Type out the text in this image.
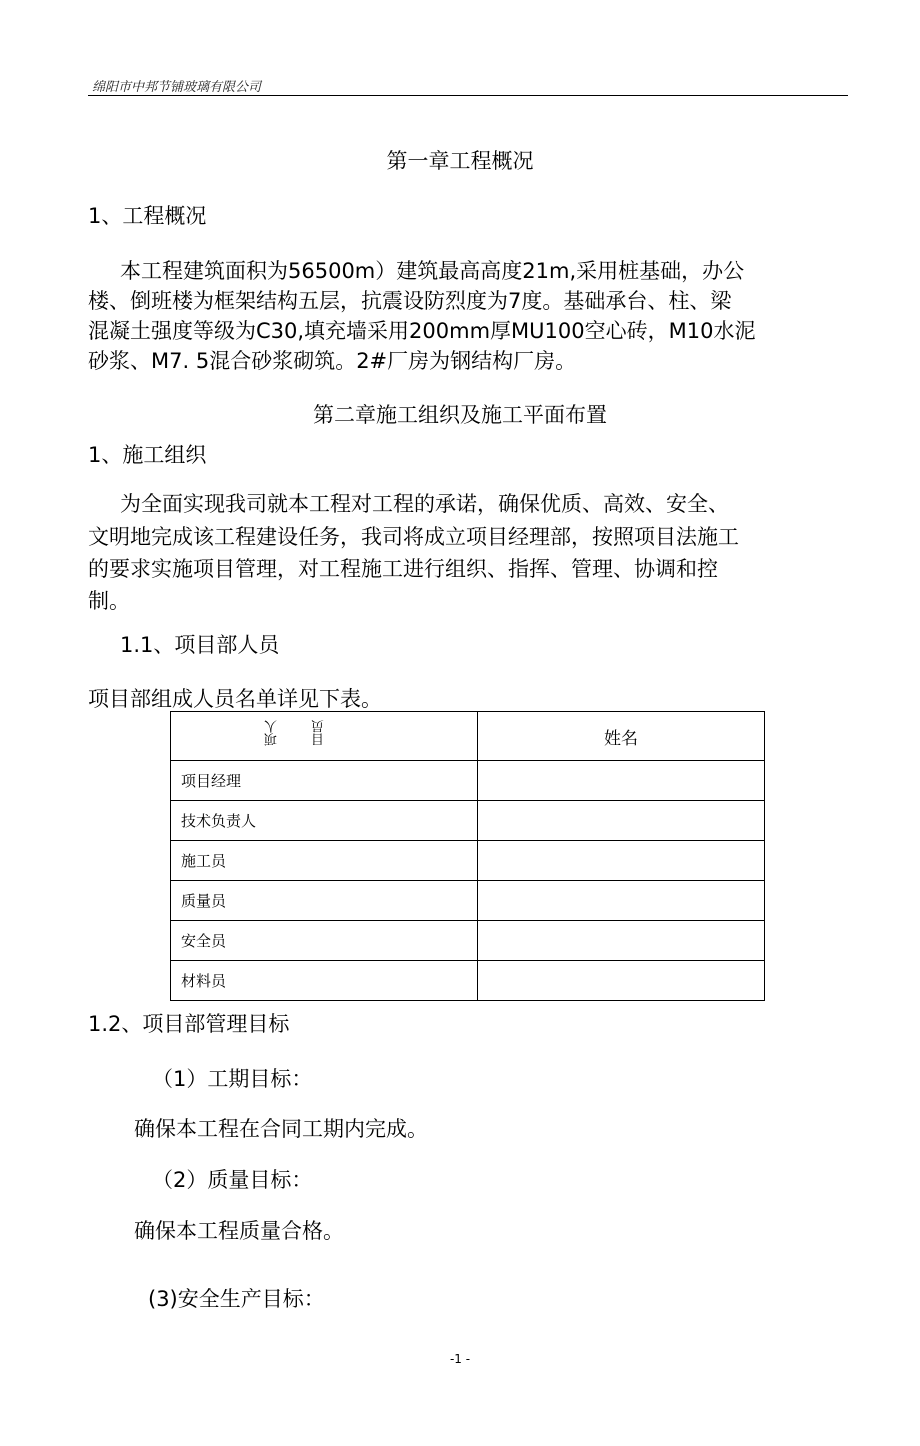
绵阳市中邦节铺玻璃有限公司
第一章工程概况
1、工程概况
本工程建筑面积为56500m）建筑最高高度21m,采用桩基础，办公
楼、倒班楼为框架结构五层，抗震设防烈度为7度。基础承台、柱、梁
混凝土强度等级为C30,填充墙采用200mm厚MU100空心砖，M10水泥
砂浆、M7. 5混合砂浆砌筑。2#厂房为钢结构厂房。
第二章施工组织及施工平面布置
1、施工组织
为全面实现我司就本工程对工程的承诺，确保优质、高效、安全、
文明地完成该工程建设任务，我司将成立项目经理部，按照项目法施工
的要求实施项目管理，对工程施工进行组织、指挥、管理、协调和控
制。
1.1、项目部人员
项目部组成人员名单详见下表。
项人 目员	姓名
项目经理	
技术负责人	
施工员	
质量员	
安全员	
材料员	
1.2、项目部管理目标
（1）工期目标：
确保本工程在合同工期内完成。
（2）质量目标：
确保本工程质量合格。
(3)安全生产目标：
-1 -
